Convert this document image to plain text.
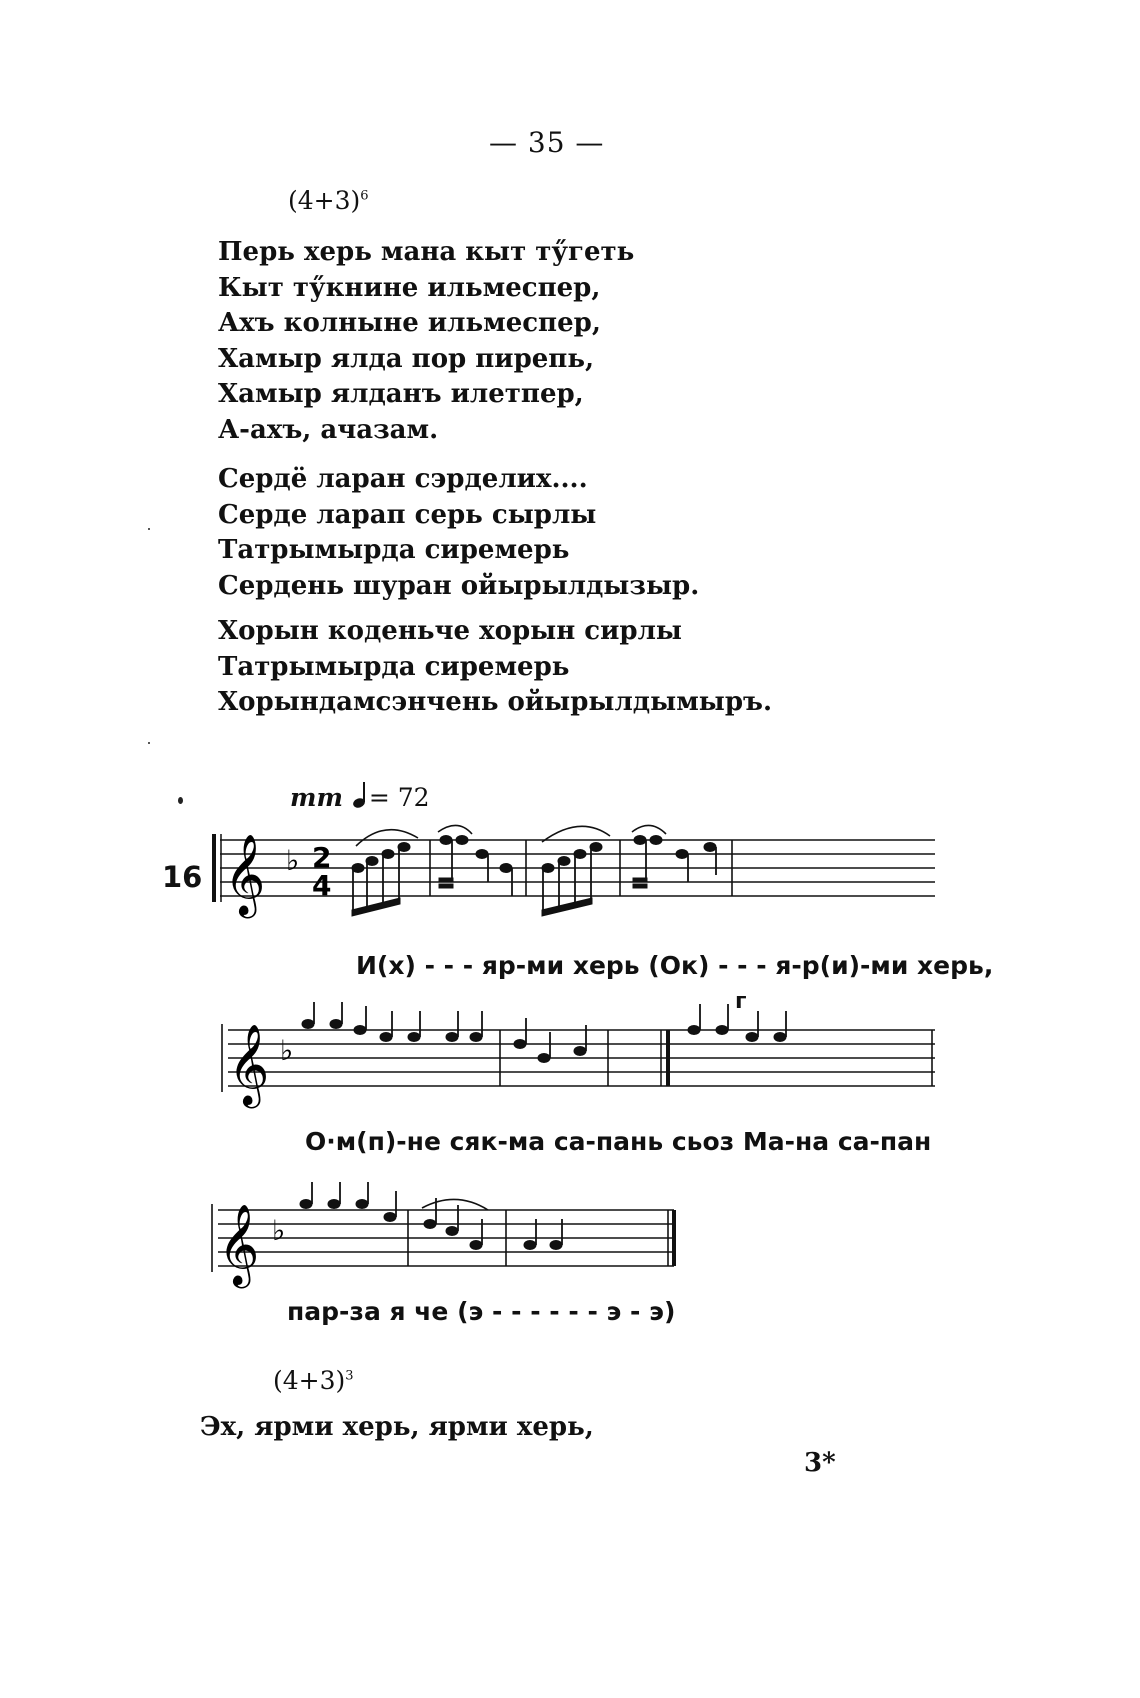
— 35 —
$(4+3)^6$
Перь херь мана кыт тӳгеть
Кыт тӳкнине ильмеспер,
Ахъ колныне ильмеспер,
Хамыр ялда пор пирепь,
Хамыр ялданъ илетпер,
А-ахъ, ачазам.
Сердё ларан сэрделих....
Серде ларап серь сырлы
Татрымырда сиремерь
Сердень шуран ойырылдызыр.
Хорын коденьче хорын сирлы
Татрымырда сиремерь
Хорындамсэнчень ойырылдымыръ.
mm = 72
16 𝄞 ♭ 2
4
И(х) - - - яр-ми херь (Ок) - - - я-р(и)-ми херь,
г
𝄞 ♭
О·м(п)-не сяк-ма са-пань сьоз Ма-на са-пан
𝄞 ♭
пар-за я че (э - - - - - - э - э)
$(4+3)^3$
Эх, ярми херь, ярми херь,
3*
